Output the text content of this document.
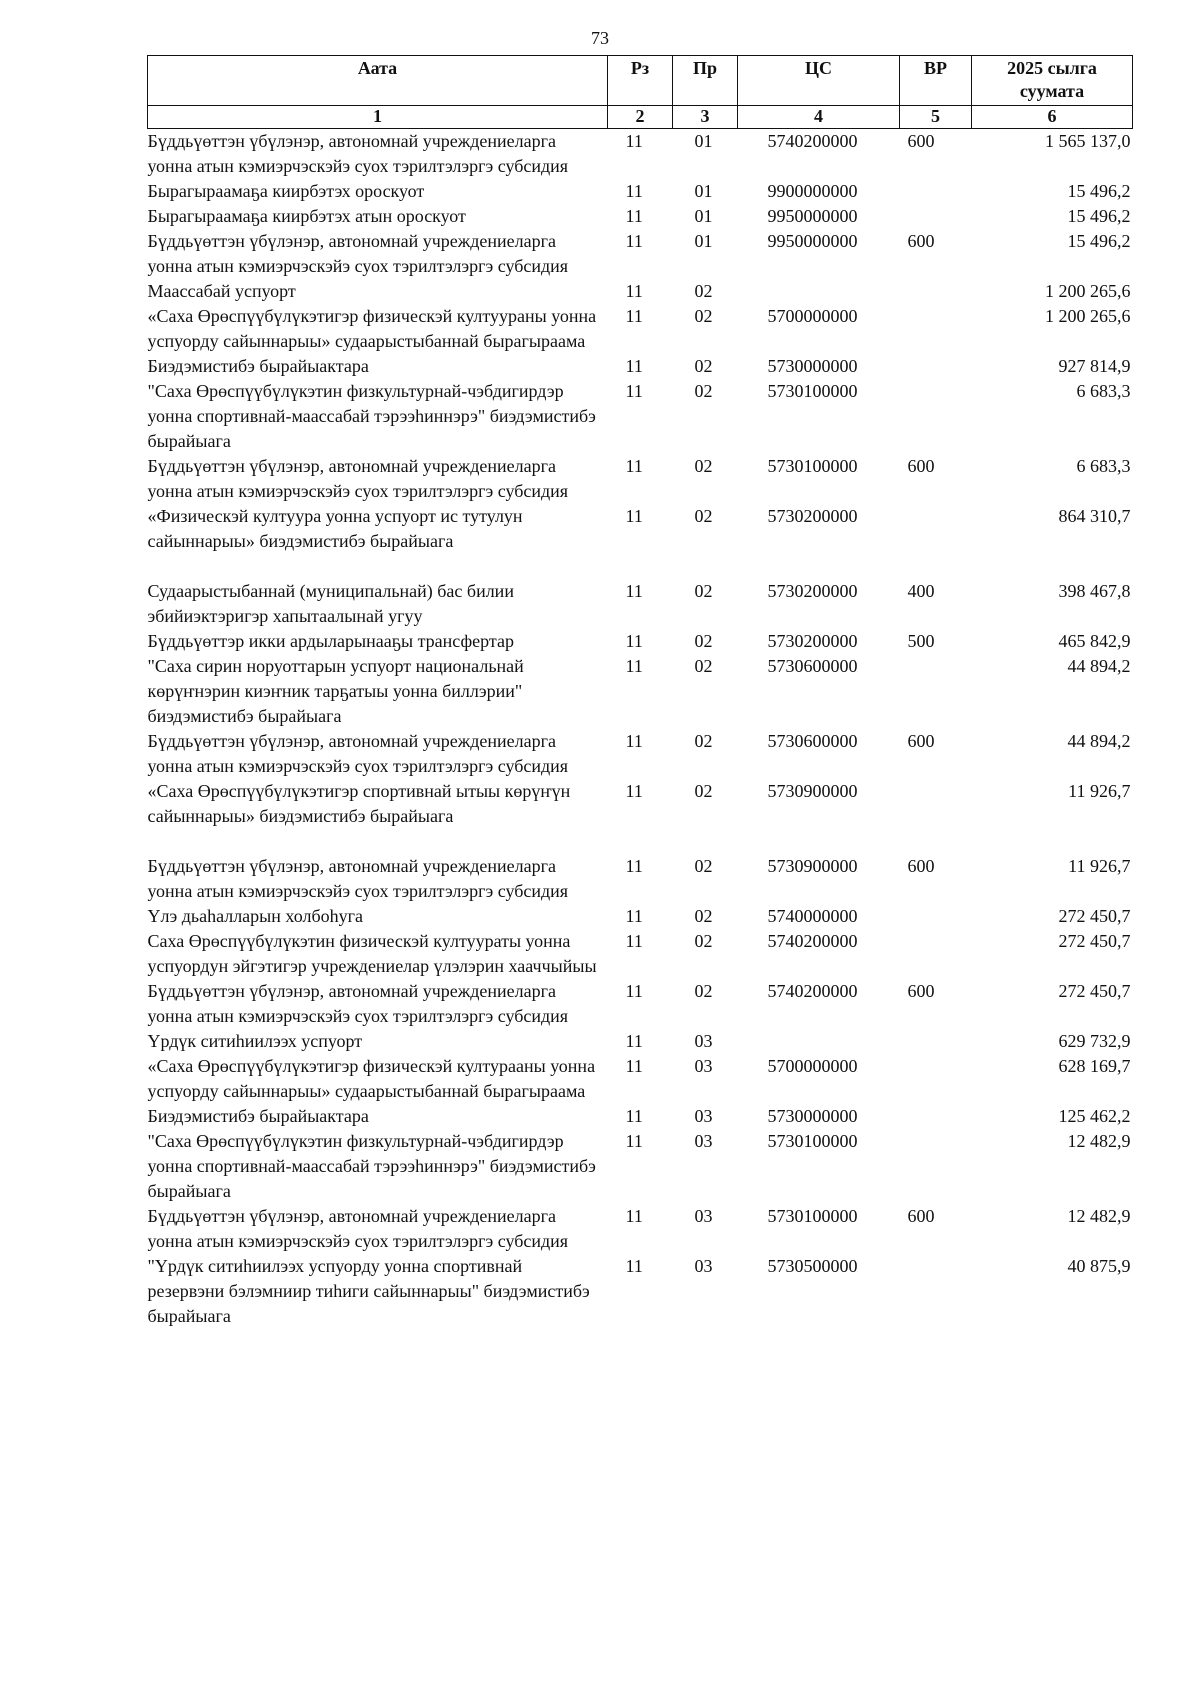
73
Аата	Рз	Пр	ЦС	ВР	2025 сылга суумата
1	2	3	4	5	6
Бүддьүөттэн үбүлэнэр, автономнай учреждениеларга уонна атын кэмиэрчэскэйэ суох тэрилтэлэргэ субсидия	11	01	5740200000	600	1 565 137,0
Бырагыраамаҕа киирбэтэх ороскуот	11	01	9900000000		15 496,2
Бырагыраамаҕа киирбэтэх атын ороскуот	11	01	9950000000		15 496,2
Бүддьүөттэн үбүлэнэр, автономнай учреждениеларга уонна атын кэмиэрчэскэйэ суох тэрилтэлэргэ субсидия	11	01	9950000000	600	15 496,2
Маассабай успуорт	11	02			1 200 265,6
«Саха Өрөспүүбүлүкэтигэр физическэй култуураны уонна успуорду сайыннарыы» судаарыстыбаннай бырагыраама	11	02	5700000000		1 200 265,6
Биэдэмистибэ бырайыактара	11	02	5730000000		927 814,9
"Саха Өрөспүүбүлүкэтин физкультурнай-чэбдигирдэр уонна спортивнай-маассабай тэрээһиннэрэ" биэдэмистибэ бырайыага	11	02	5730100000		6 683,3
Бүддьүөттэн үбүлэнэр, автономнай учреждениеларга уонна атын кэмиэрчэскэйэ суох тэрилтэлэргэ субсидия	11	02	5730100000	600	6 683,3
«Физическэй култуура уонна успуорт ис тутулун сайыннарыы» биэдэмистибэ бырайыага	11	02	5730200000		864 310,7
Судаарыстыбаннай (муниципальнай) бас билии эбийиэктэригэр хапытаалынай угуу	11	02	5730200000	400	398 467,8
Бүддьүөттэр икки ардыларынааҕы трансфертар	11	02	5730200000	500	465 842,9
"Саха сирин норуоттарын успуорт национальнай көрүҥнэрин киэҥник тарҕатыы уонна биллэрии" биэдэмистибэ бырайыага	11	02	5730600000		44 894,2
Бүддьүөттэн үбүлэнэр, автономнай учреждениеларга уонна атын кэмиэрчэскэйэ суох тэрилтэлэргэ субсидия	11	02	5730600000	600	44 894,2
«Саха Өрөспүүбүлүкэтигэр спортивнай ытыы көрүҥүн сайыннарыы» биэдэмистибэ бырайыага	11	02	5730900000		11 926,7
Бүддьүөттэн үбүлэнэр, автономнай учреждениеларга уонна атын кэмиэрчэскэйэ суох тэрилтэлэргэ субсидия	11	02	5730900000	600	11 926,7
Үлэ дьаһалларын холбоһуга	11	02	5740000000		272 450,7
Саха Өрөспүүбүлүкэтин физическэй култуураты уонна успуордун эйгэтигэр учреждениелар үлэлэрин хааччыйыы	11	02	5740200000		272 450,7
Бүддьүөттэн үбүлэнэр, автономнай учреждениеларга уонна атын кэмиэрчэскэйэ суох тэрилтэлэргэ субсидия	11	02	5740200000	600	272 450,7
Үрдүк ситиһиилээх успуорт	11	03			629 732,9
«Саха Өрөспүүбүлүкэтигэр физическэй културааны уонна успуорду сайыннарыы» судаарыстыбаннай бырагыраама	11	03	5700000000		628 169,7
Биэдэмистибэ бырайыактара	11	03	5730000000		125 462,2
"Саха Өрөспүүбүлүкэтин физкультурнай-чэбдигирдэр уонна спортивнай-маассабай тэрээһиннэрэ" биэдэмистибэ бырайыага	11	03	5730100000		12 482,9
Бүддьүөттэн үбүлэнэр, автономнай учреждениеларга уонна атын кэмиэрчэскэйэ суох тэрилтэлэргэ субсидия	11	03	5730100000	600	12 482,9
"Үрдүк ситиһиилээх успуорду уонна спортивнай резервэни бэлэмниир тиһиги сайыннарыы" биэдэмистибэ бырайыага	11	03	5730500000		40 875,9
